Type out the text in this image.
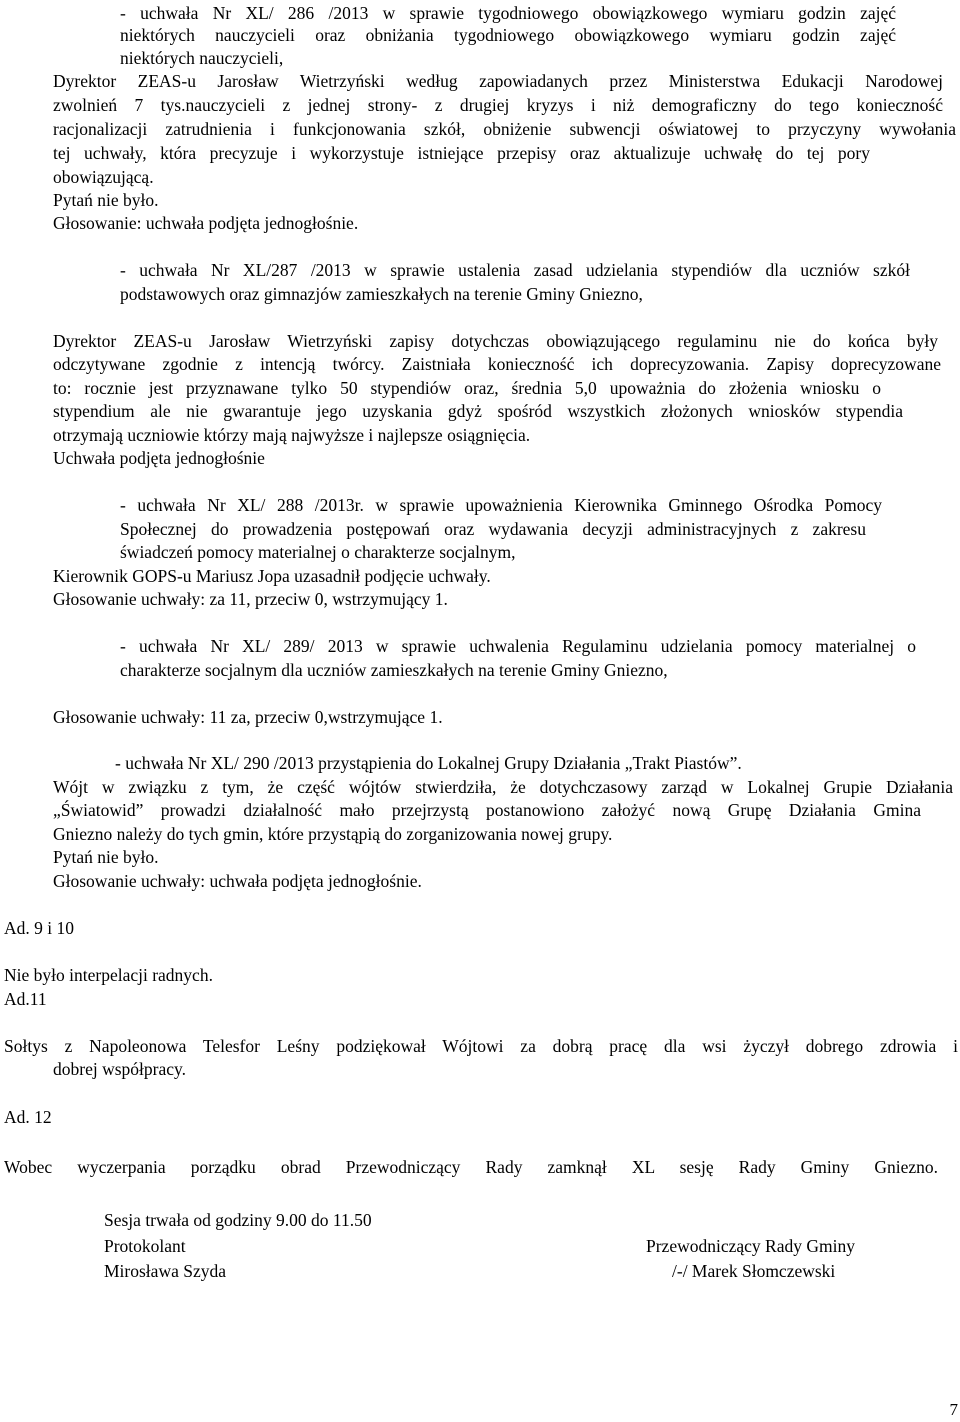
- uchwała Nr XL/ 286 /2013 w sprawie tygodniowego obowiązkowego wymiaru godzin zajęć
niektórych nauczycieli oraz obniżania tygodniowego obowiązkowego wymiaru godzin zajęć
niektórych nauczycieli,
Dyrektor ZEAS-u Jarosław Wietrzyński według zapowiadanych przez Ministerstwa Edukacji Narodowej
zwolnień 7 tys.nauczycieli z jednej strony- z drugiej kryzys i niż demograficzny do tego konieczność
racjonalizacji zatrudnienia i funkcjonowania szkół, obniżenie subwencji oświatowej to przyczyny wywołania
tej uchwały, która precyzuje i wykorzystuje istniejące przepisy oraz aktualizuje uchwałę do tej pory
obowiązującą.
Pytań nie było.
Głosowanie: uchwała podjęta jednogłośnie.
- uchwała Nr XL/287 /2013 w sprawie ustalenia zasad udzielania stypendiów dla uczniów szkół
podstawowych oraz gimnazjów zamieszkałych na terenie Gminy Gniezno,
Dyrektor ZEAS-u Jarosław Wietrzyński zapisy dotychczas obowiązującego regulaminu nie do końca były
odczytywane zgodnie z intencją twórcy. Zaistniała konieczność ich doprecyzowania. Zapisy doprecyzowane
to: rocznie jest przyznawane tylko 50 stypendiów oraz, średnia 5,0 upoważnia do złożenia wniosku o
stypendium ale nie gwarantuje jego uzyskania gdyż spośród wszystkich złożonych wniosków stypendia
otrzymają uczniowie którzy mają najwyższe i najlepsze osiągnięcia.
Uchwała podjęta jednogłośnie
- uchwała Nr XL/ 288 /2013r. w sprawie upoważnienia Kierownika Gminnego Ośrodka Pomocy
Społecznej do prowadzenia postępowań oraz wydawania decyzji administracyjnych z zakresu
świadczeń pomocy materialnej o charakterze socjalnym,
Kierownik GOPS-u Mariusz Jopa uzasadnił podjęcie uchwały.
Głosowanie uchwały: za 11, przeciw 0, wstrzymujący 1.
- uchwała Nr XL/ 289/ 2013 w sprawie uchwalenia Regulaminu udzielania pomocy materialnej o
charakterze socjalnym dla uczniów zamieszkałych na terenie Gminy Gniezno,
Głosowanie uchwały: 11 za, przeciw 0,wstrzymujące 1.
- uchwała Nr XL/ 290 /2013 przystąpienia do Lokalnej Grupy Działania „Trakt Piastów”.
Wójt w związku z tym, że część wójtów stwierdziła, że dotychczasowy zarząd w Lokalnej Grupie Działania
„Światowid” prowadzi działalność mało przejrzystą postanowiono założyć nową Grupę Działania Gmina
Gniezno należy do tych gmin, które przystąpią do zorganizowania nowej grupy.
Pytań nie było.
Głosowanie uchwały: uchwała podjęta jednogłośnie.
Ad. 9 i 10
Nie było interpelacji radnych.
Ad.11
Sołtys z Napoleonowa Telesfor Leśny podziękował Wójtowi za dobrą pracę dla wsi życzył dobrego zdrowia i
dobrej współpracy.
Ad. 12
Wobec wyczerpania porządku obrad Przewodniczący Rady zamknął XL sesję Rady Gminy Gniezno.
Sesja trwała od godziny 9.00 do 11.50
Protokolant
Mirosława Szyda
Przewodniczący Rady Gminy
/-/ Marek Słomczewski
7
